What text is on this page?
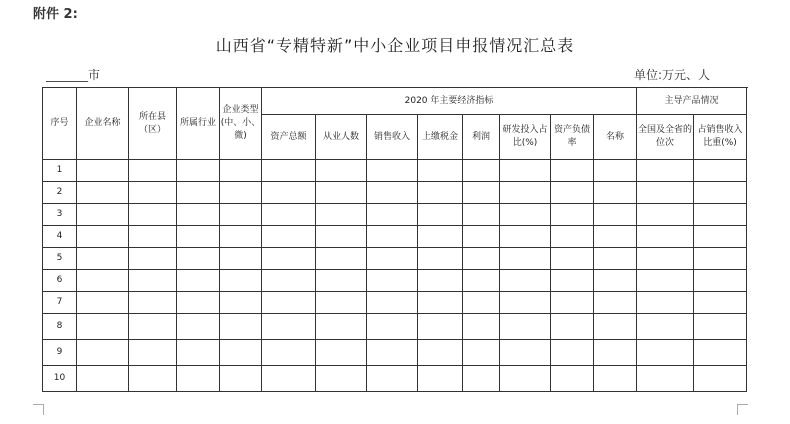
附件 2:
山西省“专精特新”中小企业项目申报情况汇总表
_______市	单位:万元、人
序号	企业名称	所在县（区）	所属行业	企业类型(中、小、微)	2020 年主要经济指标								主导产品情况	
					资产总额	从业人数	销售收入	上缴税金	利润	研发投入占比(%)	资产负债率	名称	全国及全省的位次	占销售收入比重(%)
1														
2														
3														
4														
5														
6														
7														
8														
9														
10														
